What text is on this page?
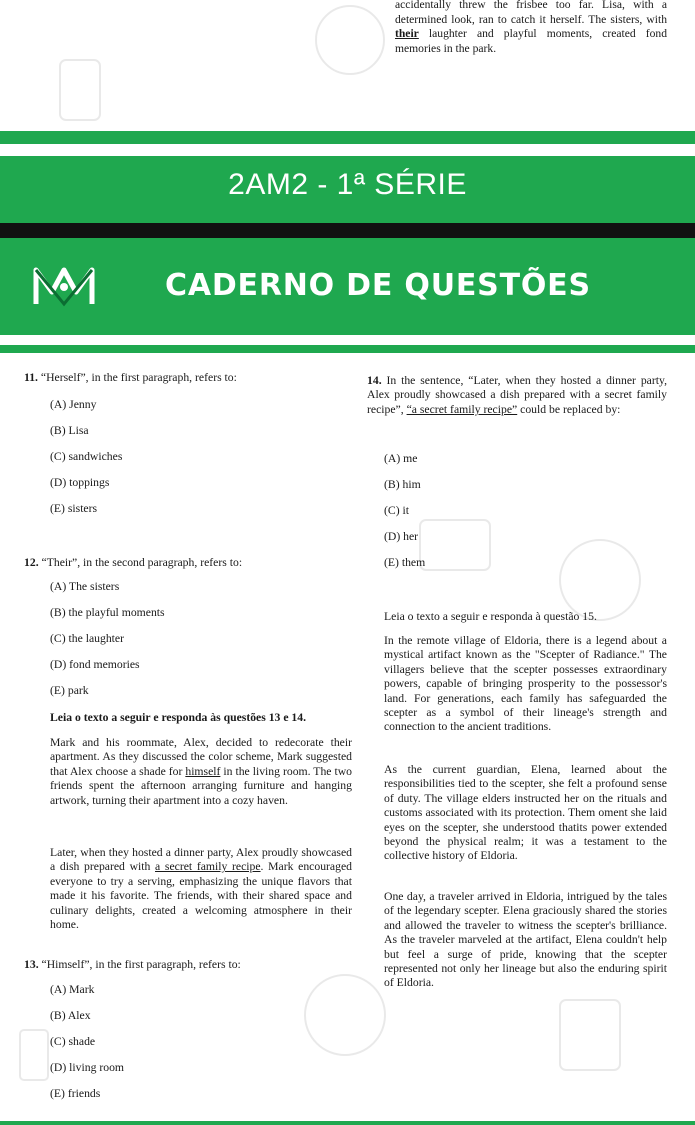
accidentally threw the frisbee too far. Lisa, with a determined look, ran to catch it herself. The sisters, with their laughter and playful moments, created fond memories in the park.
2AM2 - 1ª SÉRIE
CADERNO DE QUESTÕES
11. “Herself”, in the first paragraph, refers to:
(A) Jenny
(B) Lisa
(C) sandwiches
(D) toppings
(E) sisters
12. “Their”, in the second paragraph, refers to:
(A) The sisters
(B) the playful moments
(C) the laughter
(D) fond memories
(E) park
Leia o texto a seguir e responda às questões 13 e 14.
Mark and his roommate, Alex, decided to redecorate their apartment. As they discussed the color scheme, Mark suggested that Alex choose a shade for himself in the living room. The two friends spent the afternoon arranging furniture and hanging artwork, turning their apartment into a cozy haven.
Later, when they hosted a dinner party, Alex proudly showcased a dish prepared with a secret family recipe. Mark encouraged everyone to try a serving, emphasizing the unique flavors that made it his favorite. The friends, with their shared space and culinary delights, created a welcoming atmosphere in their home.
13. “Himself”, in the first paragraph, refers to:
(A) Mark
(B) Alex
(C) shade
(D) living room
(E) friends
14. In the sentence, “Later, when they hosted a dinner party, Alex proudly showcased a dish prepared with a secret family recipe”, “a secret family recipe” could be replaced by:
(A) me
(B) him
(C) it
(D) her
(E) them
Leia o texto a seguir e responda à questão 15.
In the remote village of Eldoria, there is a legend about a mystical artifact known as the "Scepter of Radiance." The villagers believe that the scepter possesses extraordinary powers, capable of bringing prosperity to the possessor's land. For generations, each family has safeguarded the scepter as a symbol of their lineage's strength and connection to the ancient traditions.
As the current guardian, Elena, learned about the responsibilities tied to the scepter, she felt a profound sense of duty. The village elders instructed her on the rituals and customs associated with its protection. Them oment she laid eyes on the scepter, she understood thatits power extended beyond the physical realm; it was a testament to the collective history of Eldoria.
One day, a traveler arrived in Eldoria, intrigued by the tales of the legendary scepter. Elena graciously shared the stories and allowed the traveler to witness the scepter's brilliance. As the traveler marveled at the artifact, Elena couldn't help but feel a surge of pride, knowing that the scepter represented not only her lineage but also the enduring spirit of Eldoria.
